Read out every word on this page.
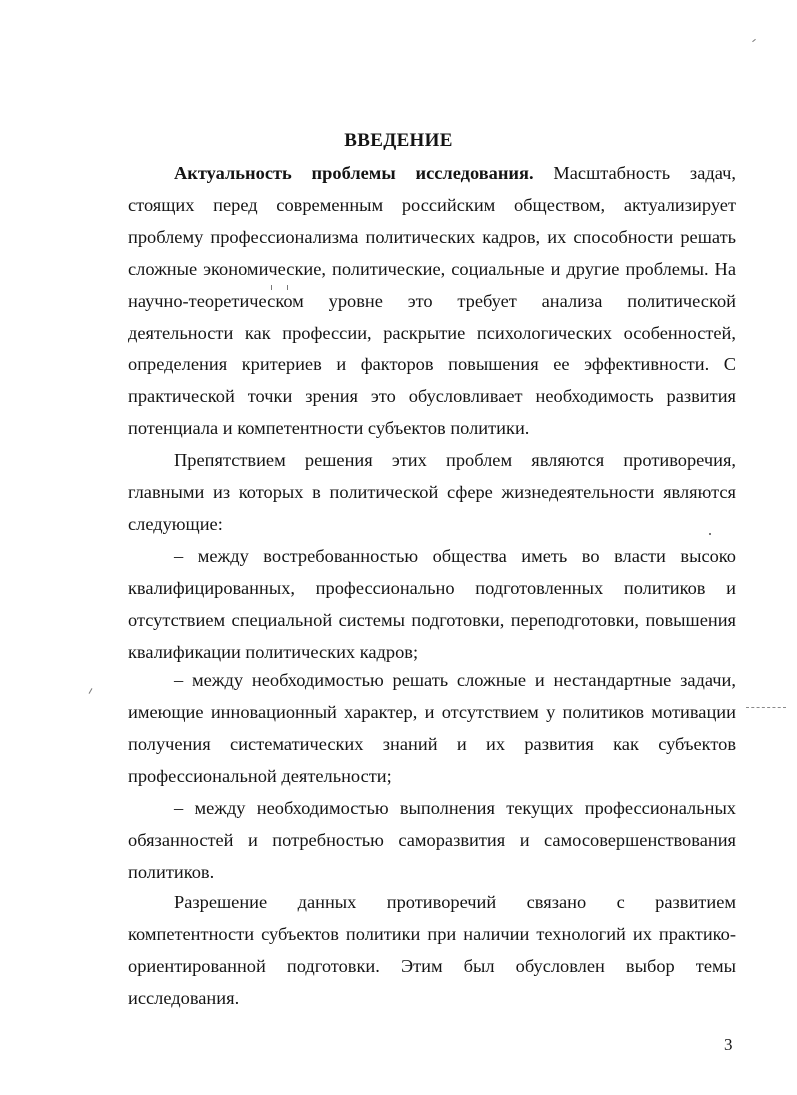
ВВЕДЕНИЕ

Актуальность проблемы исследования. Масштабность задач, стоящих перед современным российским обществом, актуализирует проблему профессионализма политических кадров, их способности решать сложные экономические, политические, социальные и другие проблемы. На научно-теоретическом уровне это требует анализа политической деятельности как профессии, раскрытие психологических особенностей, определения критериев и факторов повышения ее эффективности. С практической точки зрения это обусловливает необходимость развития потенциала и компетентности субъектов политики.

Препятствием решения этих проблем являются противоречия, главными из которых в политической сфере жизнедеятельности являются следующие:

– между востребованностью общества иметь во власти высоко квалифицированных, профессионально подготовленных политиков и отсутствием специальной системы подготовки, переподготовки, повышения квалификации политических кадров;

– между необходимостью решать сложные и нестандартные задачи, имеющие инновационный характер, и отсутствием у политиков мотивации получения систематических знаний и их развития как субъектов профессиональной деятельности;

– между необходимостью выполнения текущих профессиональных обязанностей и потребностью саморазвития и самосовершенствования политиков.

Разрешение данных противоречий связано с развитием компетентности субъектов политики при наличии технологий их практико-ориентированной подготовки. Этим был обусловлен выбор темы исследования.

3
